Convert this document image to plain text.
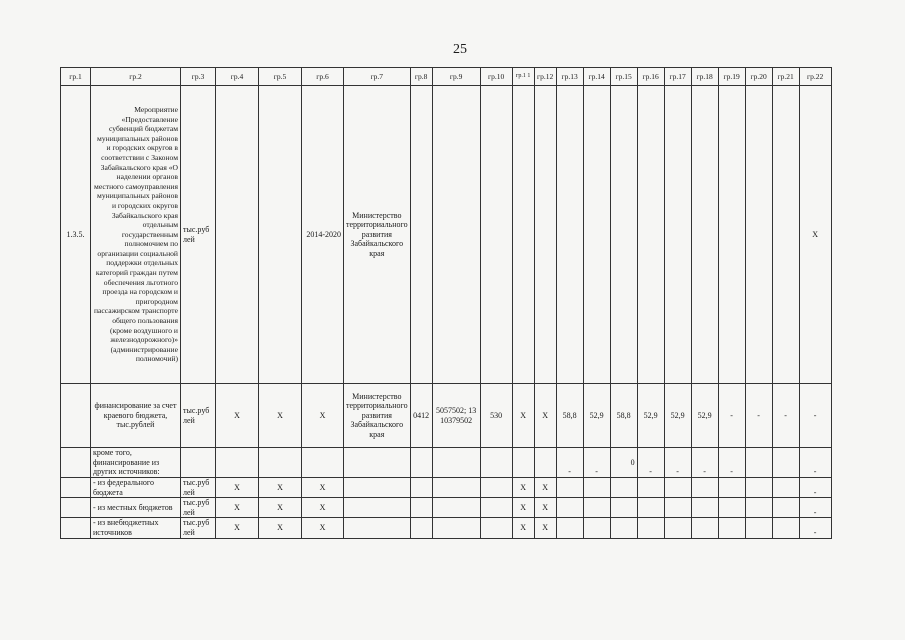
25
гр.1	гр.2	гр.3	гр.4	гр.5	гр.6	гр.7	гр.8	гр.9	гр.10	гр.1 1	гр.12	гр.13	гр.14	гр.15	гр.16	гр.17	гр.18	гр.19	гр.20	гр.21	гр.22
1.3.5.	Мероприятие «Предоставление субвенций бюджетам муниципальных районов и городских округов в соответствии с Законом Забайкальского края «О наделении органов местного самоуправления муниципальных районов и городских округов Забайкальского края отдельным государственным полномочием по организации социальной поддержки отдельных категорий граждан путем обеспечения льготного проезда на городском и пригородном пассажирском транспорте общего пользования (кроме воздушного и железнодорожного)» (администрирование полномочий)	тыс.руб лей			2014-2020	Министерство территориального развития Забайкальского края															X
	финансирование за счет краевого бюджета, тыс.рублей	тыс.руб лей	X	X	X	Министерство территориального развития Забайкальского края	0412	5057502; 1310379502	530	X	X	58,8	52,9	58,8	52,9	52,9	52,9	-	-	-	-
	кроме того, финансирование из других источников:											-	-	0	-	-	-	-			-
	- из федерального бюджета	тыс.руб лей	X	X	X					X	X										-
	- из местных бюджетов	тыс.руб лей	X	X	X					X	X										-
	- из внебюджетных источников	тыс.руб лей	X	X	X					X	X										-
